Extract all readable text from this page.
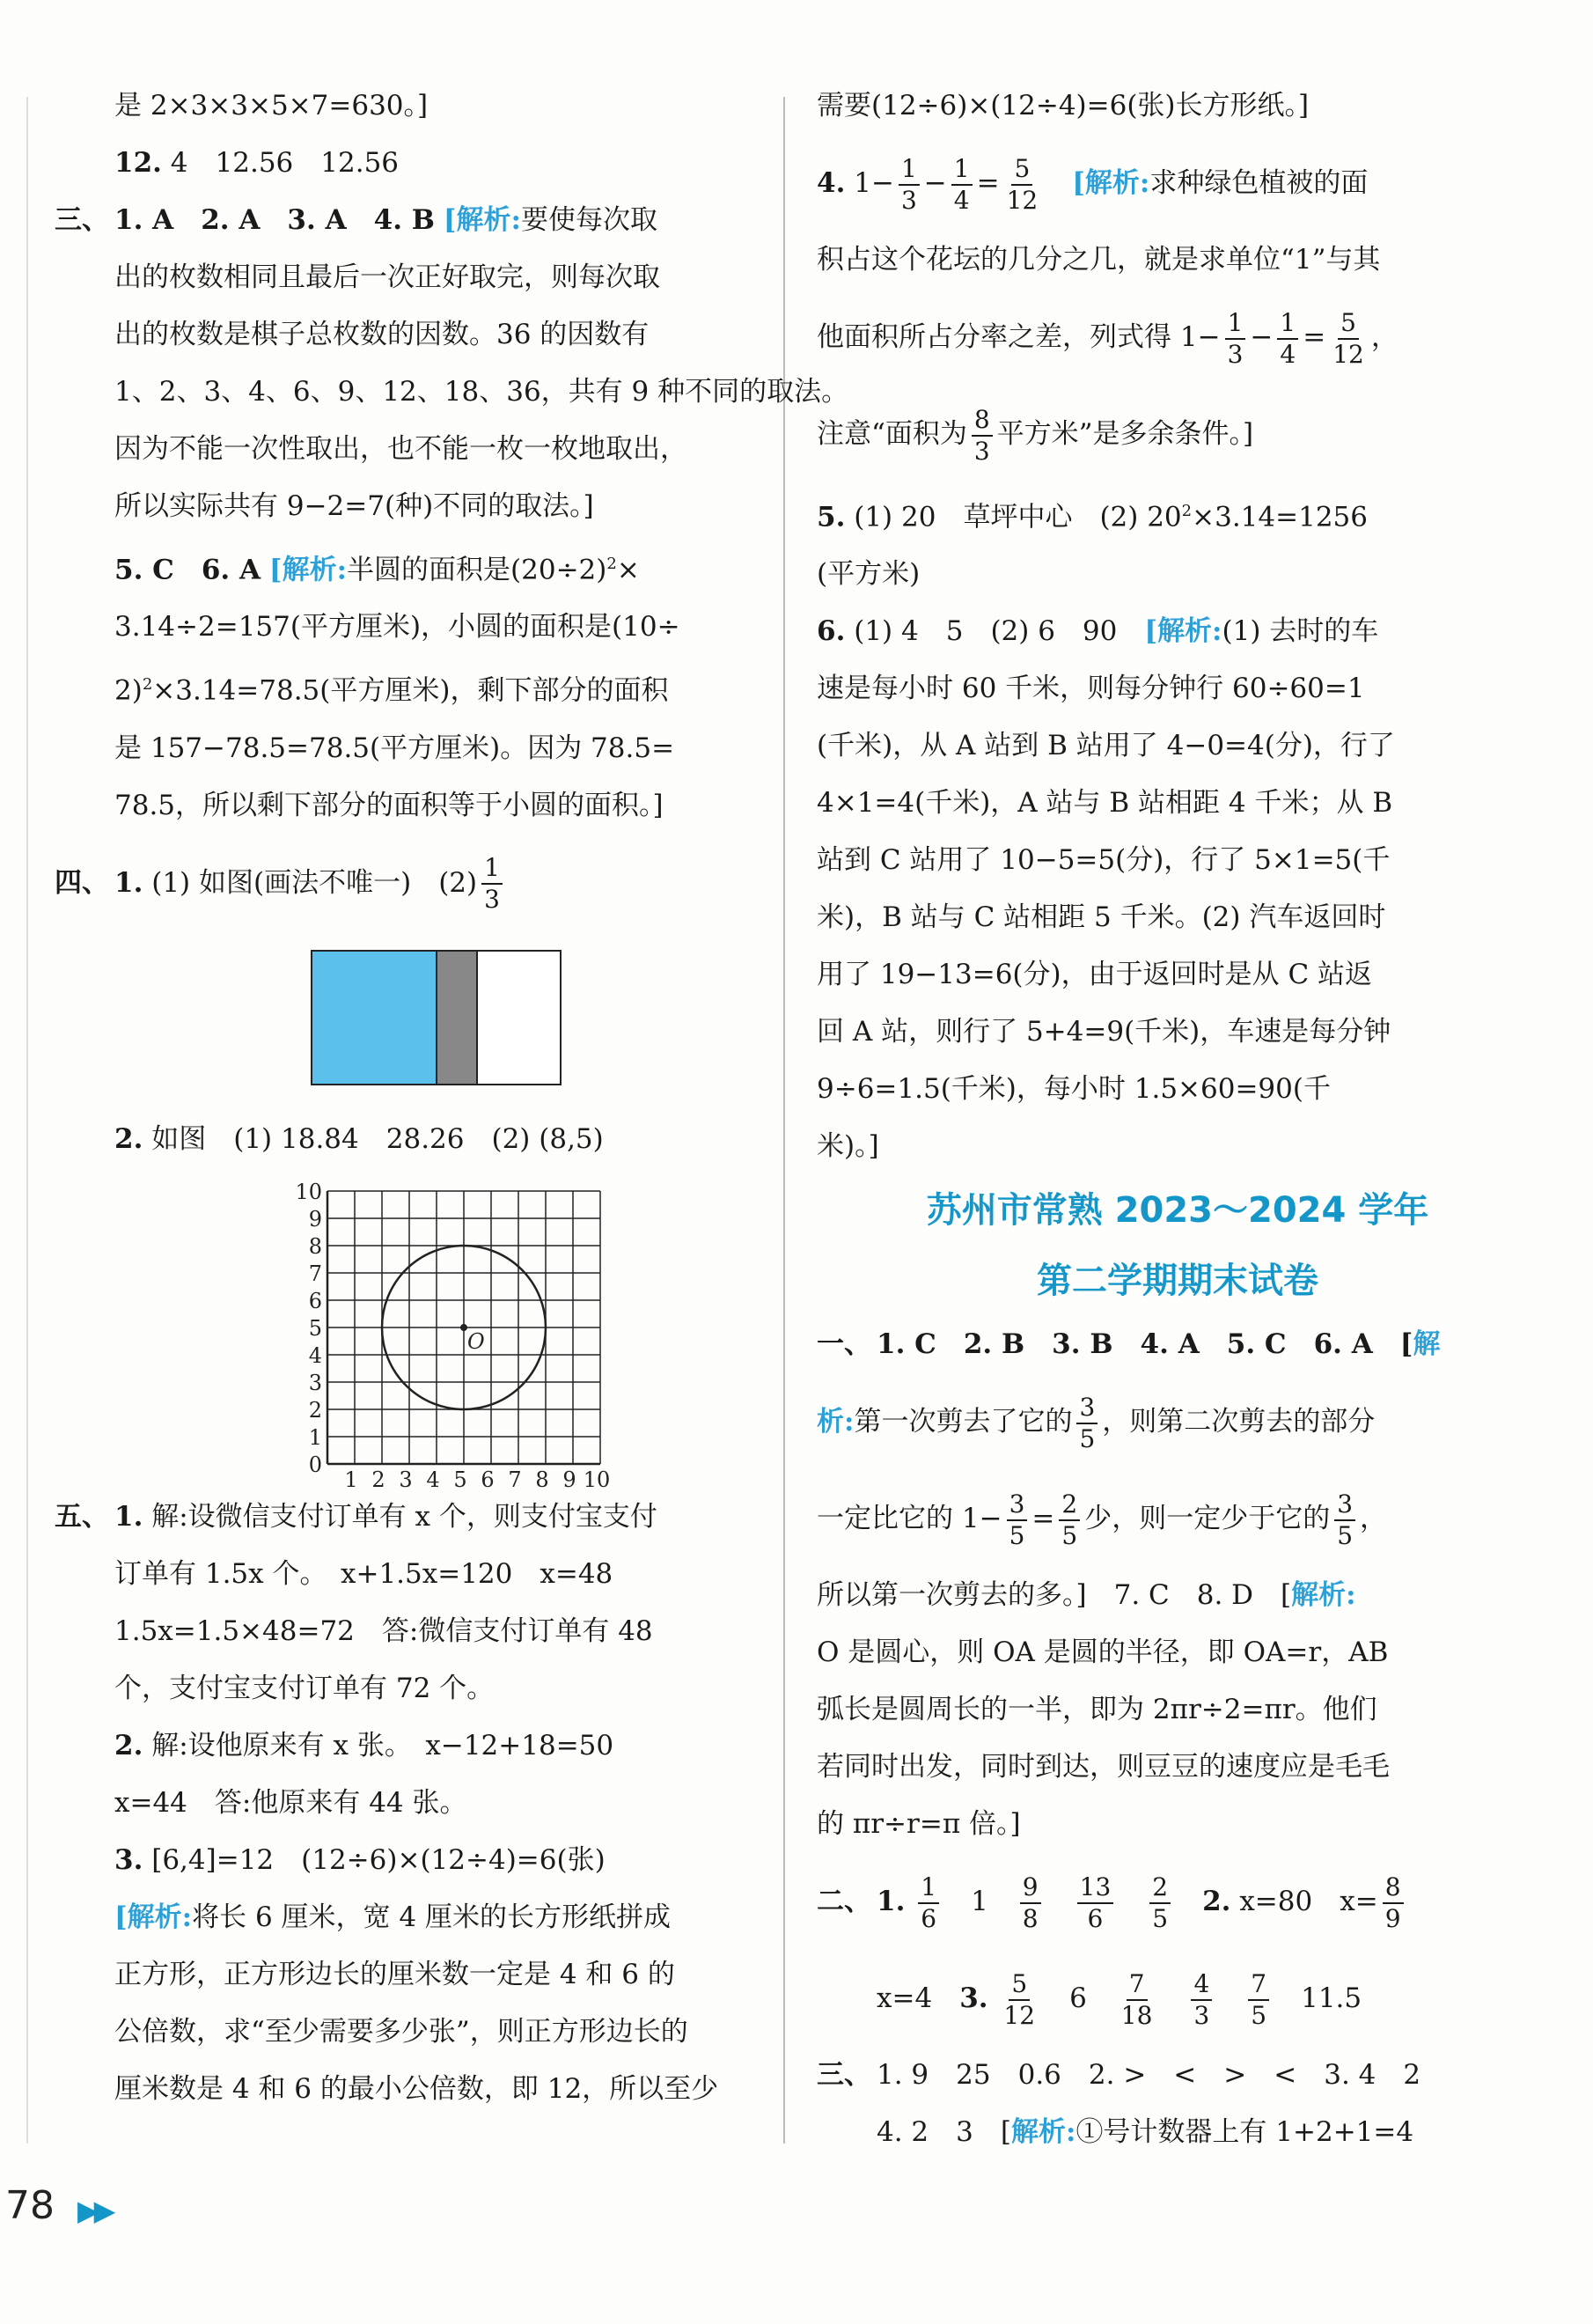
是 2×3×3×5×7=630。]
12. 4　12.56　12.56
三、 1. A　2. A　3. A　4. B [解析:要使每次取
出的枚数相同且最后一次正好取完，则每次取
出的枚数是棋子总枚数的因数。36 的因数有
1、2、3、4、6、9、12、18、36，共有 9 种不同的取法。
因为不能一次性取出，也不能一枚一枚地取出，
所以实际共有 9−2=7(种)不同的取法。]
5. C　6. A [解析:半圆的面积是$(20\div 2)^2\times$
3.14÷2=157(平方厘米)，小圆的面积是(10÷
2)$^2$×3.14=78.5(平方厘米)，剩下部分的面积
是 157−78.5=78.5(平方厘米)。因为 78.5=
78.5，所以剩下部分的面积等于小圆的面积。]
四、 1. (1) 如图(画法不唯一)　$(2) \frac{1}{3}$
2. 如图　(1) 18.84　28.26　(2) (8,5)
10
9
8
7
6
5
4
3
2
1
0
1 2 3 4 5 6 7 8 9 10
O
五、 1. 解:设微信支付订单有 x 个，则支付宝支付
订单有 1.5x 个。　x+1.5x=120　x=48
1.5x=1.5×48=72　答:微信支付订单有 48
个，支付宝支付订单有 72 个。
2. 解:设他原来有 x 张。　x−12+18=50
x=44　答:他原来有 44 张。
3. [6,4]=12　(12÷6)×(12÷4)=6(张)
[解析:将长 6 厘米，宽 4 厘米的长方形纸拼成
正方形，正方形边长的厘米数一定是 4 和 6 的
公倍数，求“至少需要多少张”，则正方形边长的
厘米数是 4 和 6 的最小公倍数，即 12，所以至少
需要(12÷6)×(12÷4)=6(张)长方形纸。]
4. $1- \frac{1}{3} - \frac{1}{4} = \frac{5}{12}$
　 [解析:求种绿色植被的面
积占这个花坛的几分之几，就是求单位“1”与其
他面积所占分率之差，列式得 $1- \frac{1}{3} - \frac{1}{4} = \frac{5}{12}$ ，
注意“面积为 $\frac{8}{3}$ 平方米”是多余条件。]
5. (1) 20　草坪中心　(2) $20^2\times 3.14=1256$
(平方米)
6. (1) 4　5　(2) 6　90　 [解析:(1) 去时的车
速是每小时 60 千米，则每分钟行 60÷60=1
(千米)，从 A 站到 B 站用了 4−0=4(分)，行了
4×1=4(千米)，A 站与 B 站相距 4 千米；从 B
站到 C 站用了 10−5=5(分)，行了 5×1=5(千
米)，B 站与 C 站相距 5 千米。(2) 汽车返回时
用了 19−13=6(分)，由于返回时是从 C 站返
回 A 站，则行了 5+4=9(千米)，车速是每分钟
9÷6=1.5(千米)，每小时 1.5×60=90(千
米)。]
苏州市常熟 2023～2024 学年
第二学期期末试卷
一、 1. C　2. B　3. B　4. A　5. C　6. A　[解
析:第一次剪去了它的 $\frac{3}{5}$ ，则第二次剪去的部分
一定比它的 $1- \frac{3}{5} = \frac{2}{5}$ 少，则一定少于它的 $\frac{3}{5}$ ，
所以第一次剪去的多。]　7. C　8. D　[解析:
O 是圆心，则 OA 是圆的半径，即 OA=r，AB
弧长是圆周长的一半，即为 2πr÷2=πr。他们
若同时出发，同时到达，则豆豆的速度应是毛毛
的 πr÷r=π 倍。]
二、 1. $\frac{1}{6}$
　 1　 $\frac{9}{8}$
　 $\frac{13}{6}$
　 $\frac{2}{5}$
　 2. x=80　$x= \frac{8}{9}$
x=4　 3. $\frac{5}{12}$
　 6　 $\frac{7}{18}$
　 $\frac{4}{3}$
　 $\frac{7}{5}$
　 11.5
三、 1. 9　25　0.6　2. >　<　>　<　3. 4　2
4. 2　3　[解析:①号计数器上有 1+2+1=4
78 ▶▶
